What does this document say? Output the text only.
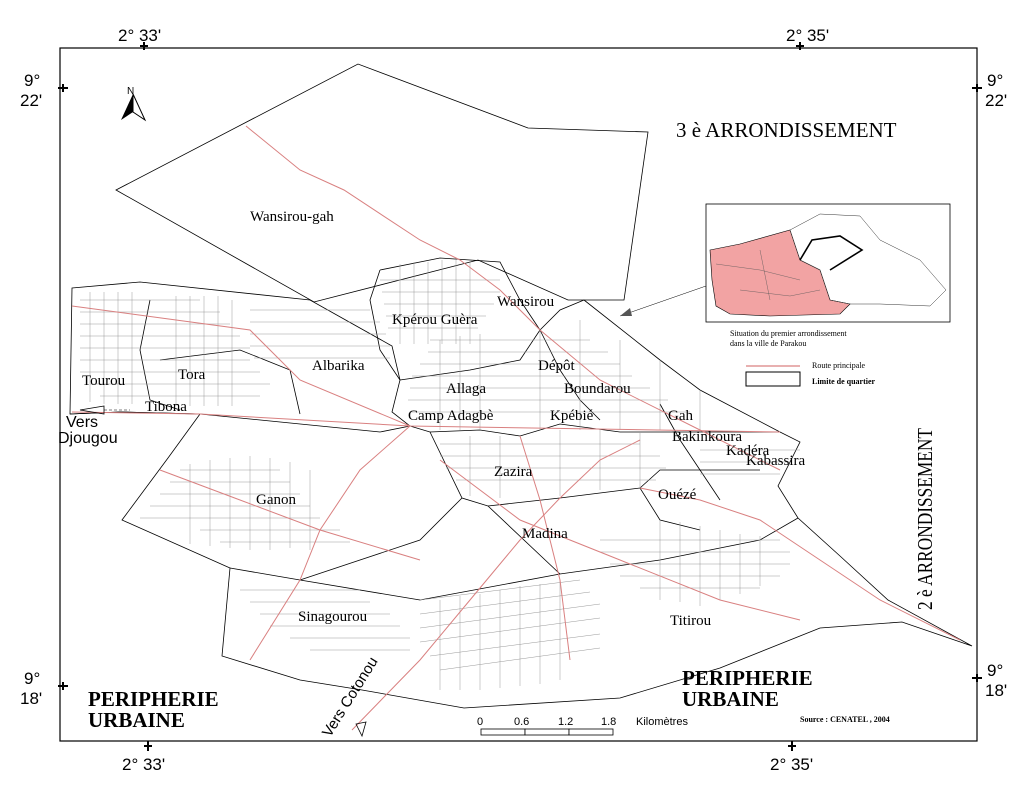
2° 33'	2° 35'
2° 33'	2° 35'
9°
22'
9°
22'
9°
18'
9°
18'
N
Route principale
Limite de quartier
Situation du premier arrondissement
dans la ville de Parakou
3 è ARRONDISSEMENT
2 è ARRONDISSEMENT
PERIPHERIE
URBAINE
PERIPHERIE
URBAINE
Wansirou-gah
Wansirou
Kpérou Guèra
Albarika
Tourou	Tora
Tibona
Allaga
Dépôt
Boundarou
Camp Adagbè	Kpébié	Gah
Bakinkoura
Kadéra
Kabassira
Zazira
Ganon	Ouézé
Madina
Sinagourou	Titirou
Vers
Djougou
Vers Cotonou	0	0.6	1.2	1.8 Kilomètres	Source : CENATEL , 2004
